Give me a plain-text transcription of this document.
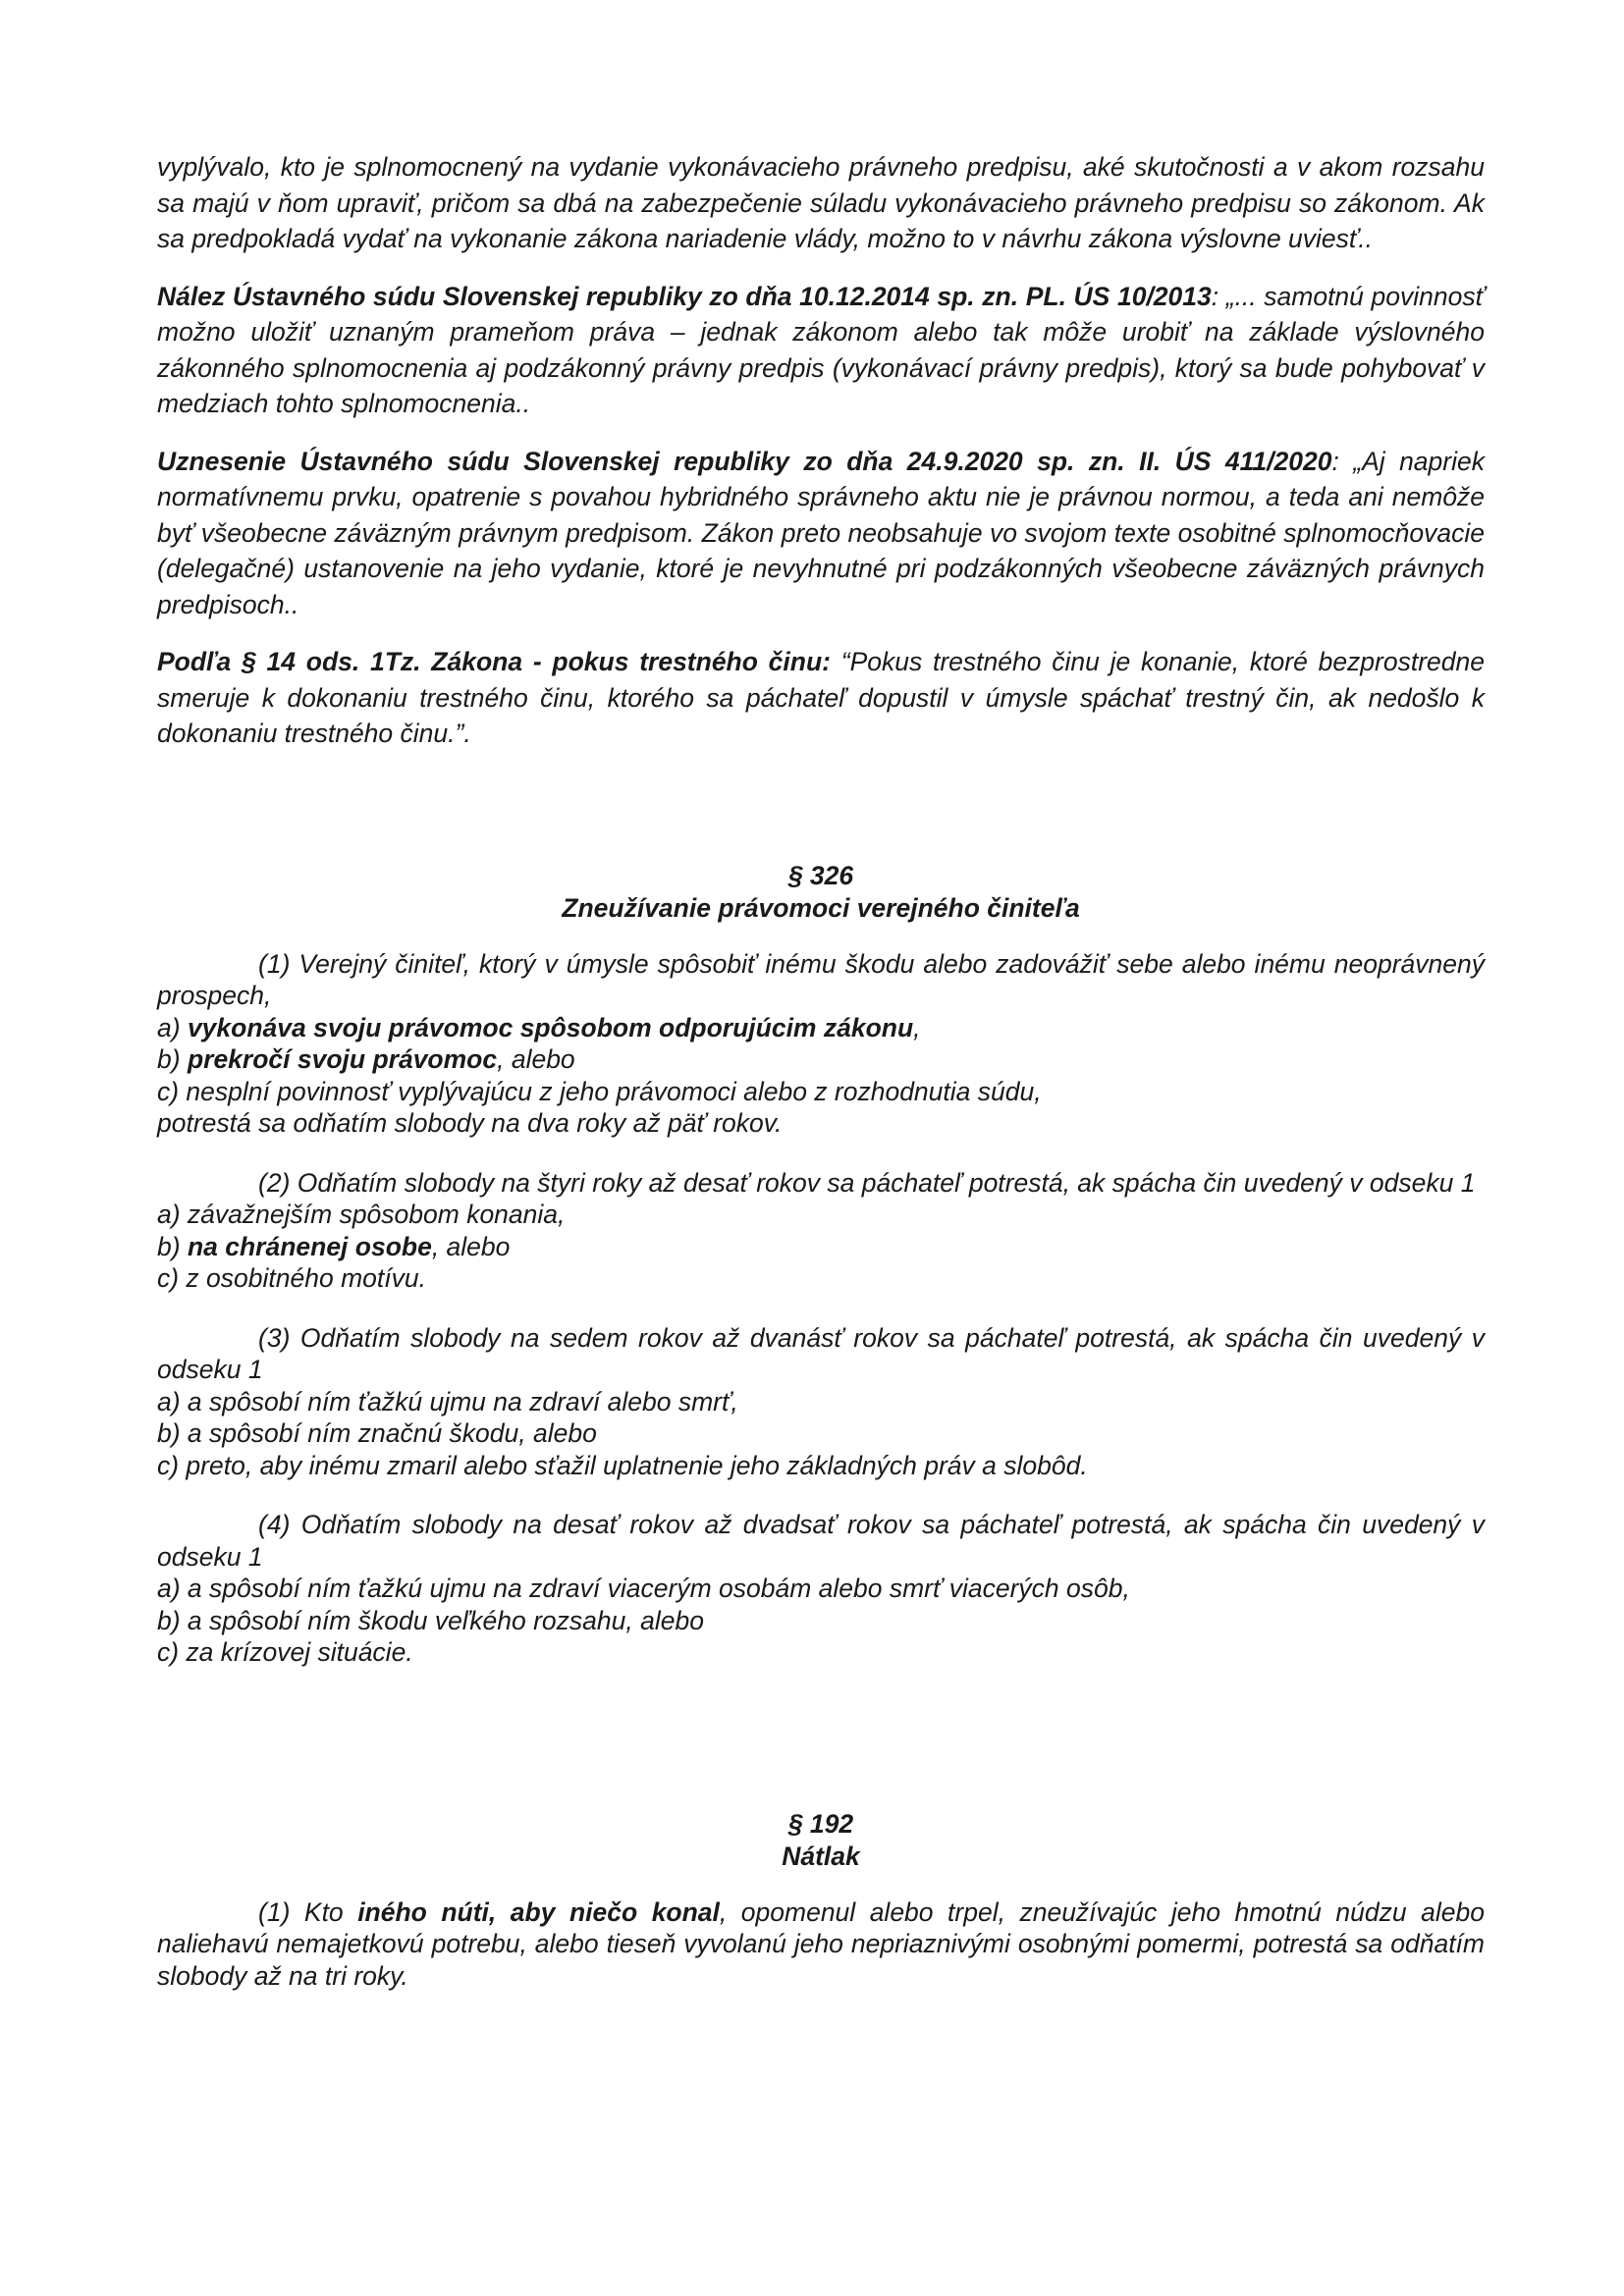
vyplývalo, kto je splnomocnený na vydanie vykonávacieho právneho predpisu, aké skutočnosti a v akom rozsahu sa majú v ňom upraviť, pričom sa dbá na zabezpečenie súladu vykonávacieho právneho predpisu so zákonom. Ak sa predpokladá vydať na vykonanie zákona nariadenie vlády, možno to v návrhu zákona výslovne uviesť..

Nález Ústavného súdu Slovenskej republiky zo dňa 10.12.2014 sp. zn. PL. ÚS 10/2013: „... samotnú povinnosť možno uložiť uznaným prameňom práva – jednak zákonom alebo tak môže urobiť na základe výslovného zákonného splnomocnenia aj podzákonný právny predpis (vykonávací právny predpis), ktorý sa bude pohybovať v medziach tohto splnomocnenia..

Uznesenie Ústavného súdu Slovenskej republiky zo dňa 24.9.2020 sp. zn. II. ÚS 411/2020: „Aj napriek normatívnemu prvku, opatrenie s povahou hybridného správneho aktu nie je právnou normou, a teda ani nemôže byť všeobecne záväzným právnym predpisom. Zákon preto neobsahuje vo svojom texte osobitné splnomocňovacie (delegačné) ustanovenie na jeho vydanie, ktoré je nevyhnutné pri podzákonných všeobecne záväzných právnych predpisoch..

Podľa § 14 ods. 1Tz. Zákona - pokus trestného činu: “Pokus trestného činu je konanie, ktoré bezprostredne smeruje k dokonaniu trestného činu, ktorého sa páchateľ dopustil v úmysle spáchať trestný čin, ak nedošlo k dokonaniu trestného činu.”.

§ 326

Zneužívanie právomoci verejného činiteľa

(1) Verejný činiteľ, ktorý v úmysle spôsobiť inému škodu alebo zadovážiť sebe alebo inému neoprávnený prospech,

a) vykonáva svoju právomoc spôsobom odporujúcim zákonu,

b) prekročí svoju právomoc, alebo

c) nesplní povinnosť vyplývajúcu z jeho právomoci alebo z rozhodnutia súdu,

potrestá sa odňatím slobody na dva roky až päť rokov.

(2) Odňatím slobody na štyri roky až desať rokov sa páchateľ potrestá, ak spácha čin uvedený v odseku 1

a) závažnejším spôsobom konania,

b) na chránenej osobe, alebo

c) z osobitného motívu.

(3) Odňatím slobody na sedem rokov až dvanásť rokov sa páchateľ potrestá, ak spácha čin uvedený v odseku 1

a) a spôsobí ním ťažkú ujmu na zdraví alebo smrť,

b) a spôsobí ním značnú škodu, alebo

c) preto, aby inému zmaril alebo sťažil uplatnenie jeho základných práv a slobôd.

(4) Odňatím slobody na desať rokov až dvadsať rokov sa páchateľ potrestá, ak spácha čin uvedený v odseku 1

a) a spôsobí ním ťažkú ujmu na zdraví viacerým osobám alebo smrť viacerých osôb,

b) a spôsobí ním škodu veľkého rozsahu, alebo

c) za krízovej situácie.

§ 192

Nátlak

(1) Kto iného núti, aby niečo konal, opomenul alebo trpel, zneužívajúc jeho hmotnú núdzu alebo naliehavú nemajetkovú potrebu, alebo tieseň vyvolanú jeho nepriaznivými osobnými pomermi, potrestá sa odňatím slobody až na tri roky.
